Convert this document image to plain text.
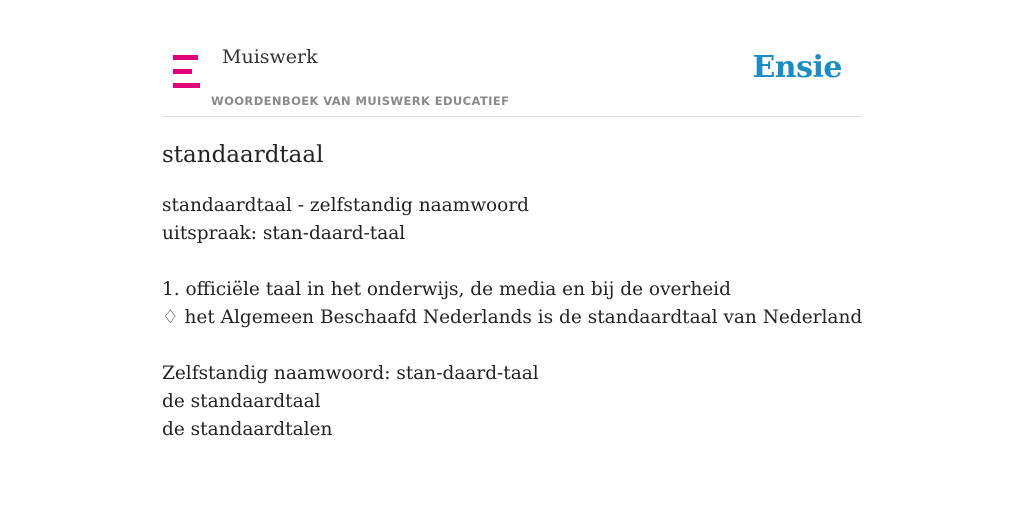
Muiswerk
WOORDENBOEK VAN MUISWERK EDUCATIEF
Ensie
standaardtaal
standaardtaal - zelfstandig naamwoord
uitspraak: stan-daard-taal
1. officiële taal in het onderwijs, de media en bij de overheid
♢ het Algemeen Beschaafd Nederlands is de standaardtaal van Nederland
Zelfstandig naamwoord: stan-daard-taal
de standaardtaal
de standaardtalen
